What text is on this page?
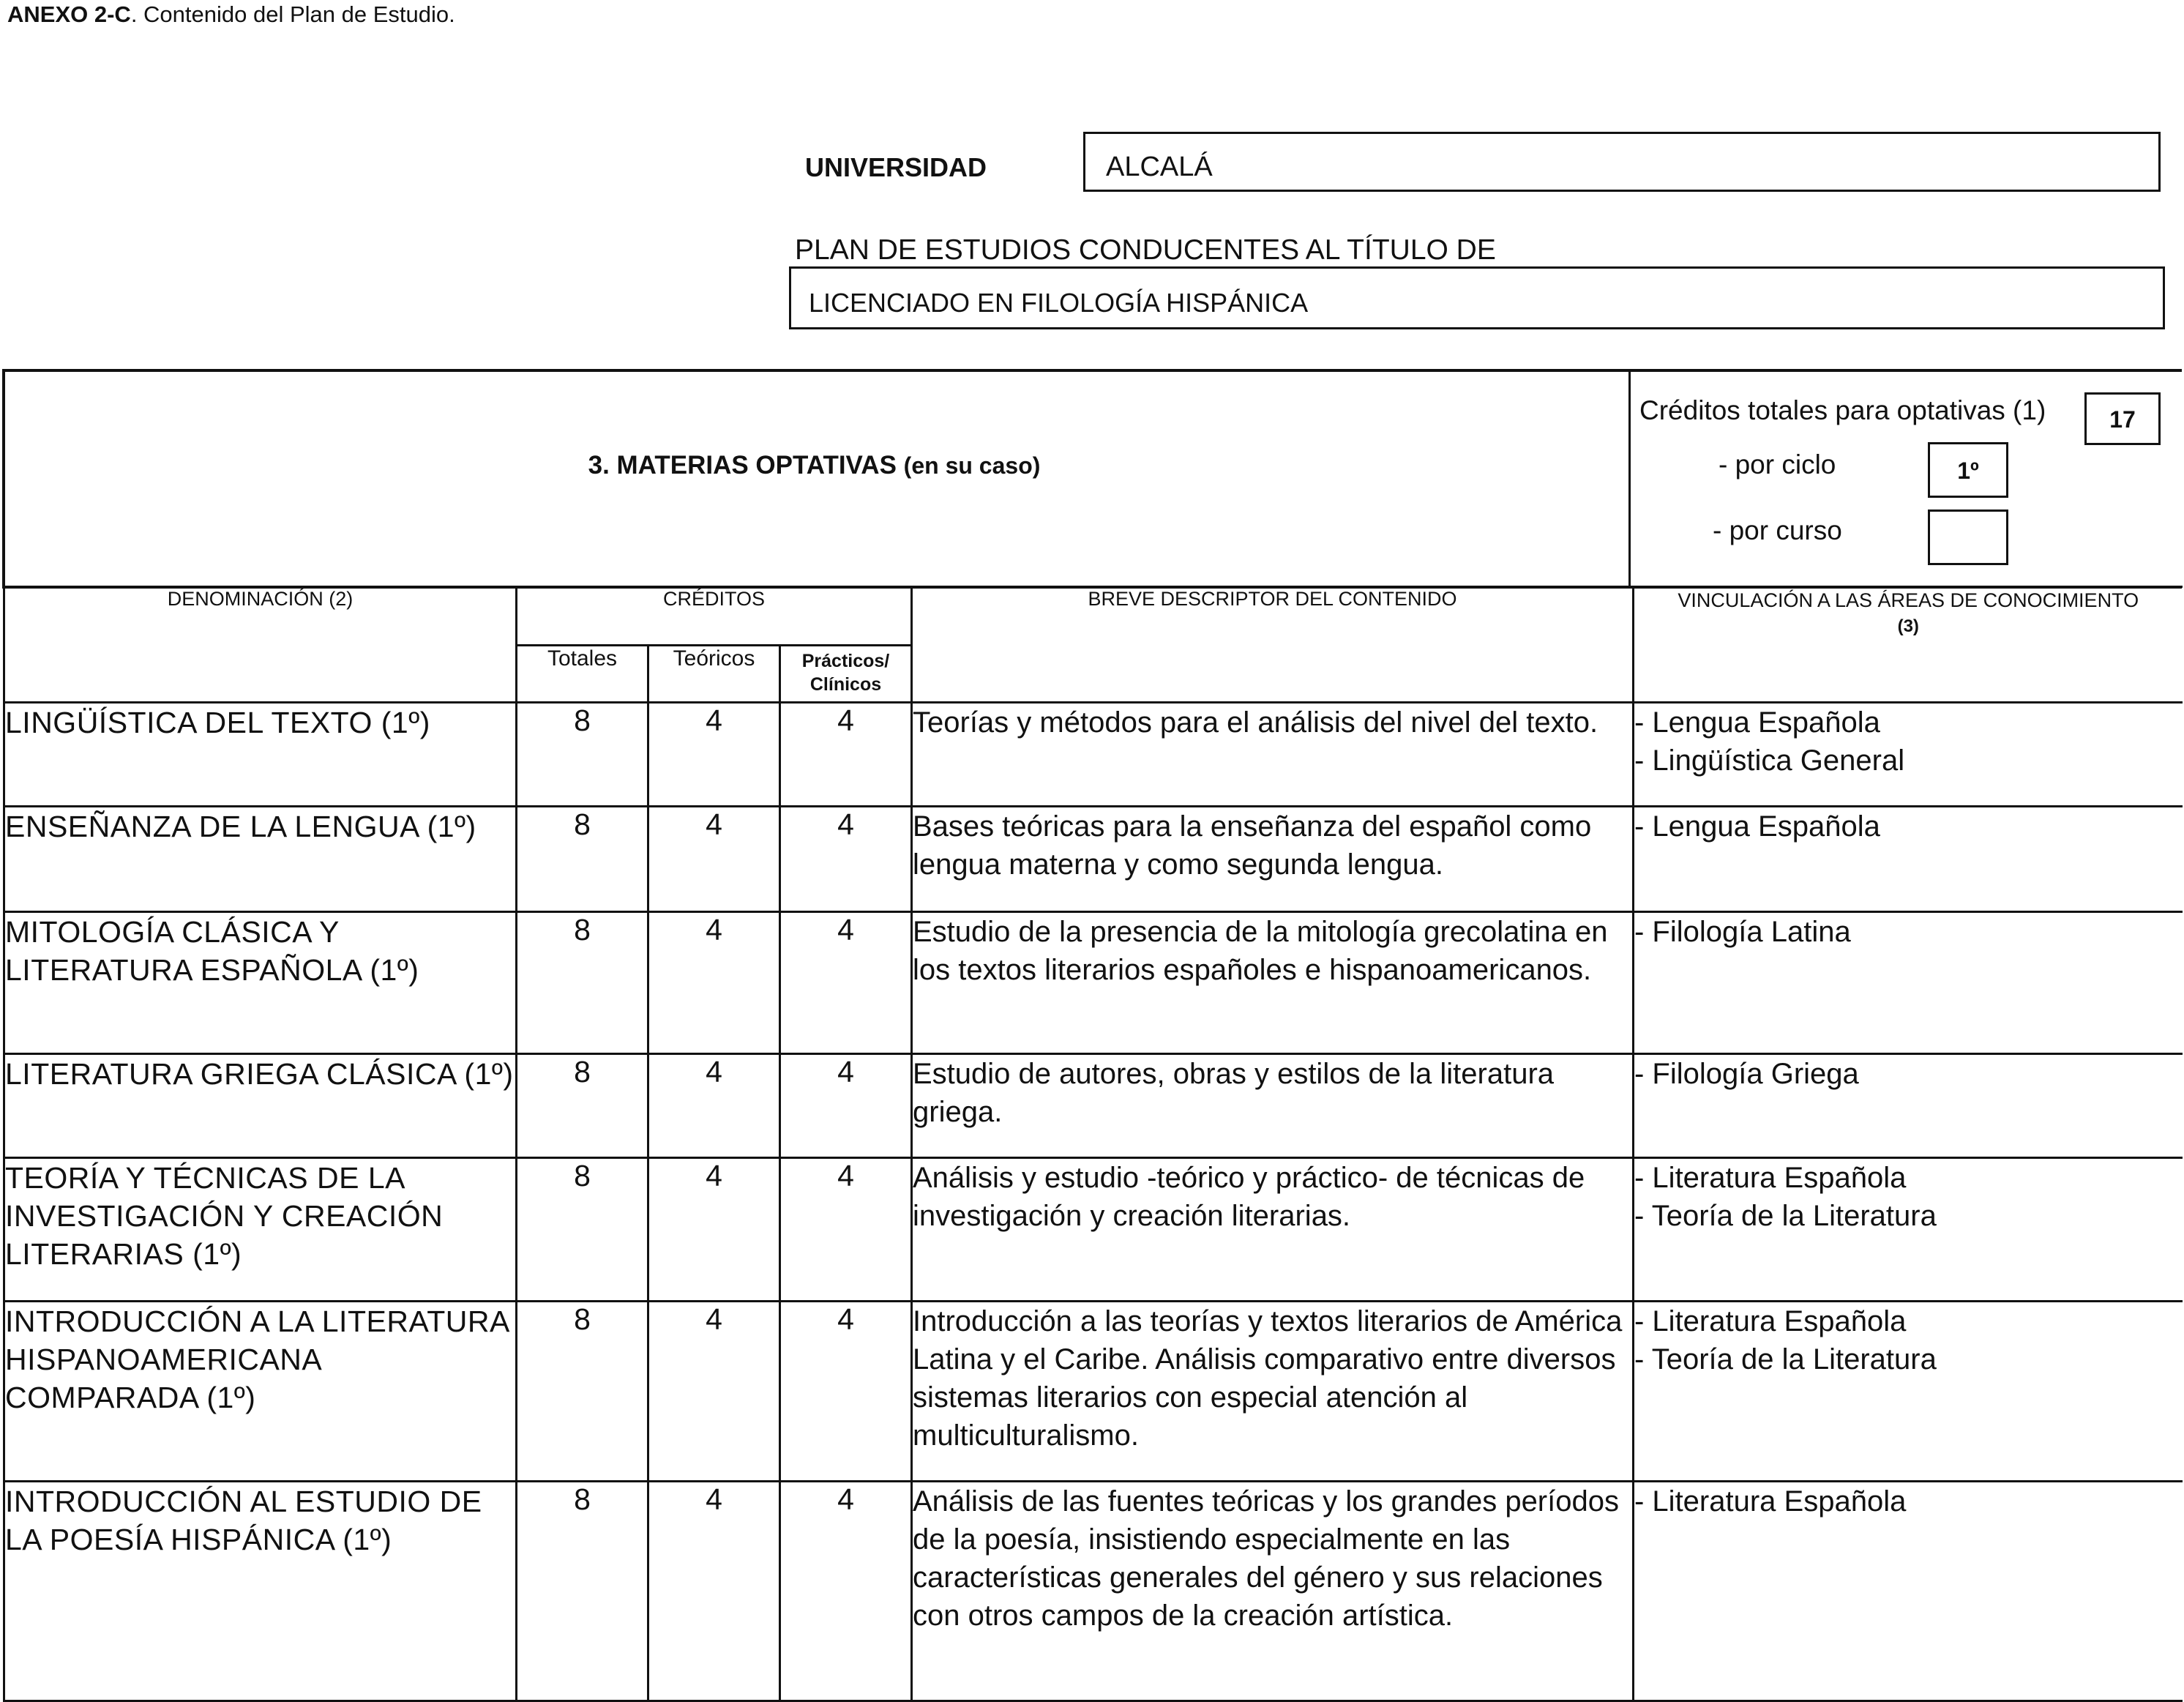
ANEXO 2-C. Contenido del Plan de Estudio.
UNIVERSIDAD	ALCALÁ
PLAN DE ESTUDIOS CONDUCENTES AL TÍTULO DE
LICENCIADO EN FILOLOGÍA HISPÁNICA
3. MATERIAS OPTATIVAS (en su caso)
Créditos totales para optativas (1)	17
- por ciclo	1º
- por curso
DENOMINACIÓN (2)	CRÉDITOS			BREVE DESCRIPTOR DEL CONTENIDO	VINCULACIÓN A LAS ÁREAS DE CONOCIMIENTO
(3)
	Totales	Teóricos	Prácticos/
Clínicos		
LINGÜÍSTICA DEL TEXTO (1º)	8	4	4	Teorías y métodos para el análisis del nivel del texto.	- Lengua Española
- Lingüística General

ENSEÑANZA DE LA LENGUA (1º)	8	4	4	Bases teóricas para la enseñanza del español como lengua materna y como segunda lengua.	- Lengua Española

MITOLOGÍA CLÁSICA Y LITERATURA ESPAÑOLA (1º)	8	4	4	Estudio de la presencia de la mitología grecolatina en los textos literarios españoles e hispanoamericanos.	- Filología Latina

LITERATURA GRIEGA CLÁSICA (1º)	8	4	4	Estudio de autores, obras y estilos de la literatura griega.	- Filología Griega

TEORÍA Y TÉCNICAS DE LA INVESTIGACIÓN Y CREACIÓN LITERARIAS (1º)	8	4	4	Análisis y estudio -teórico y práctico- de técnicas de investigación y creación literarias.	- Literatura Española
- Teoría de la Literatura

INTRODUCCIÓN A LA LITERATURA HISPANOAMERICANA COMPARADA (1º)	8	4	4	Introducción a las teorías y textos literarios de América Latina y el Caribe. Análisis comparativo entre diversos sistemas literarios con especial atención al multiculturalismo.	- Literatura Española
- Teoría de la Literatura

INTRODUCCIÓN AL ESTUDIO DE LA POESÍA HISPÁNICA (1º)	8	4	4	Análisis de las fuentes teóricas y los grandes períodos de la poesía, insistiendo especialmente en las características generales del género y sus relaciones con otros campos de la creación artística.	- Literatura Española
